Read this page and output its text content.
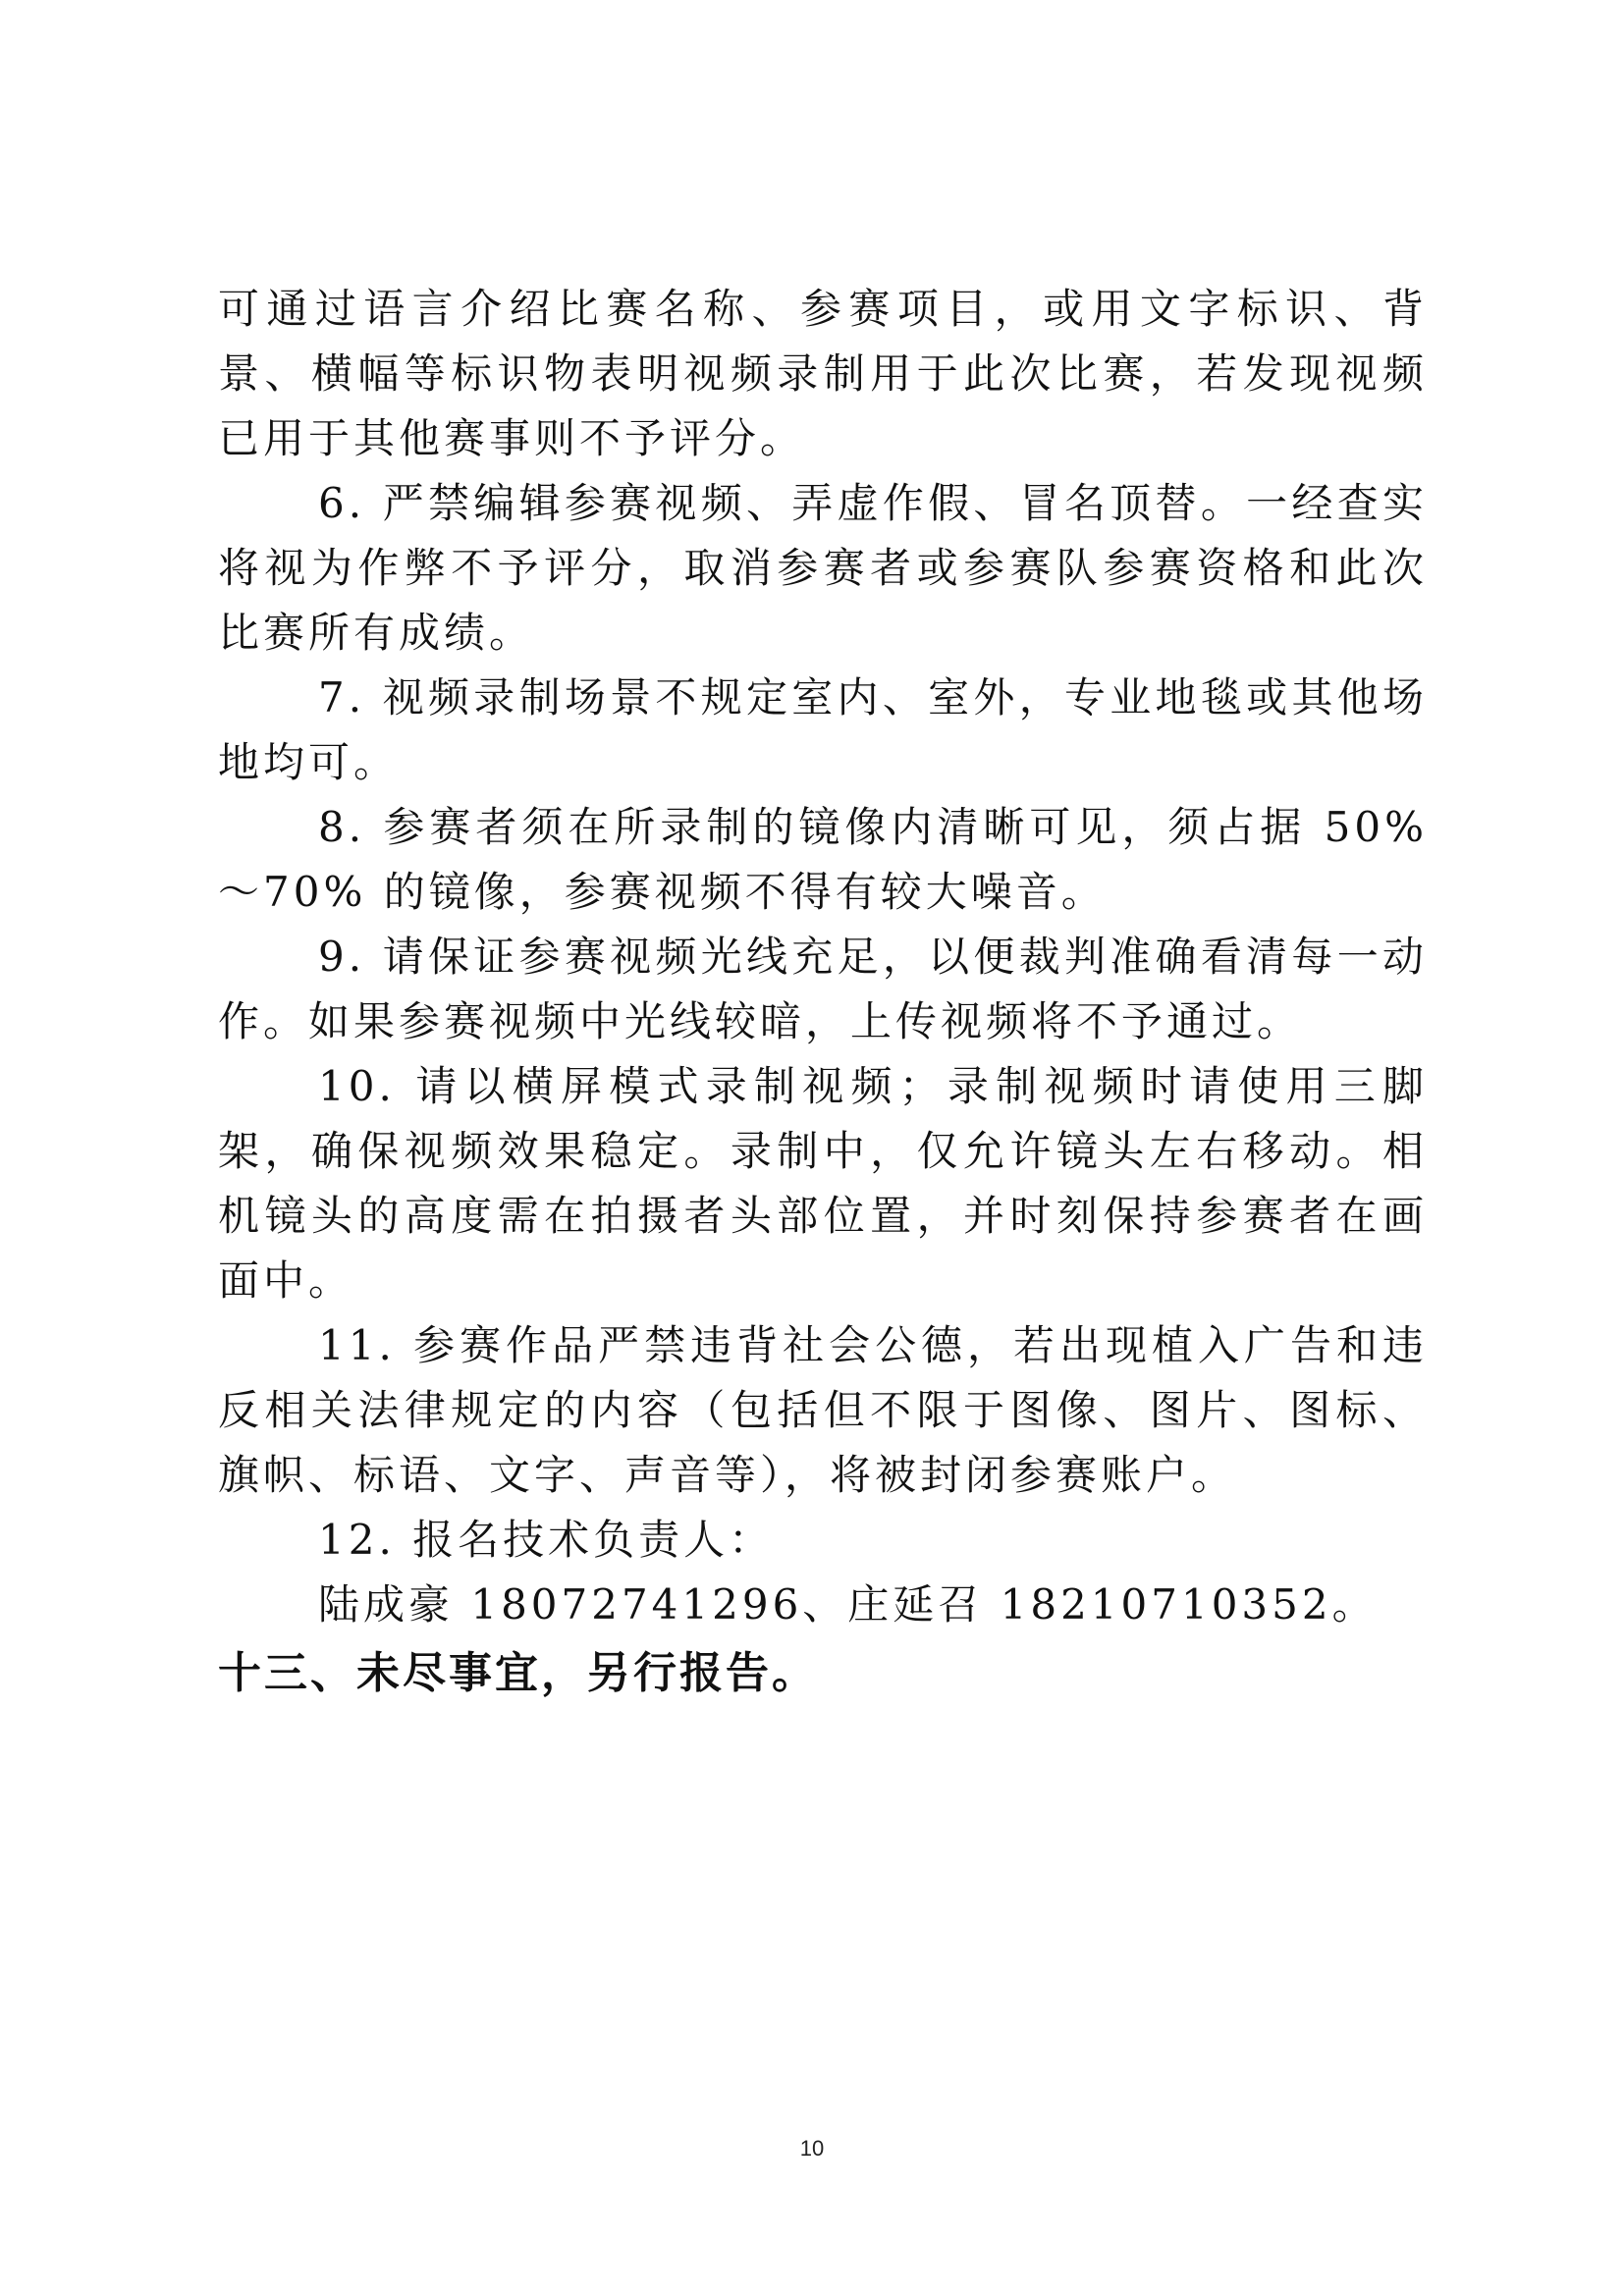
可通过语言介绍比赛名称、参赛项目，或用文字标识、背景、横幅等标识物表明视频录制用于此次比赛，若发现视频已用于其他赛事则不予评分。

6. 严禁编辑参赛视频、弄虚作假、冒名顶替。一经查实将视为作弊不予评分，取消参赛者或参赛队参赛资格和此次比赛所有成绩。

7. 视频录制场景不规定室内、室外，专业地毯或其他场地均可。

8. 参赛者须在所录制的镜像内清晰可见，须占据 50%～70% 的镜像，参赛视频不得有较大噪音。

9. 请保证参赛视频光线充足，以便裁判准确看清每一动作。如果参赛视频中光线较暗，上传视频将不予通过。

10. 请以横屏模式录制视频；录制视频时请使用三脚架，确保视频效果稳定。录制中，仅允许镜头左右移动。相机镜头的高度需在拍摄者头部位置，并时刻保持参赛者在画面中。

11. 参赛作品严禁违背社会公德，若出现植入广告和违反相关法律规定的内容（包括但不限于图像、图片、图标、旗帜、标语、文字、声音等），将被封闭参赛账户。

12. 报名技术负责人：

陆成豪 18072741296、庄延召 18210710352。

十三、未尽事宜，另行报告。
10
